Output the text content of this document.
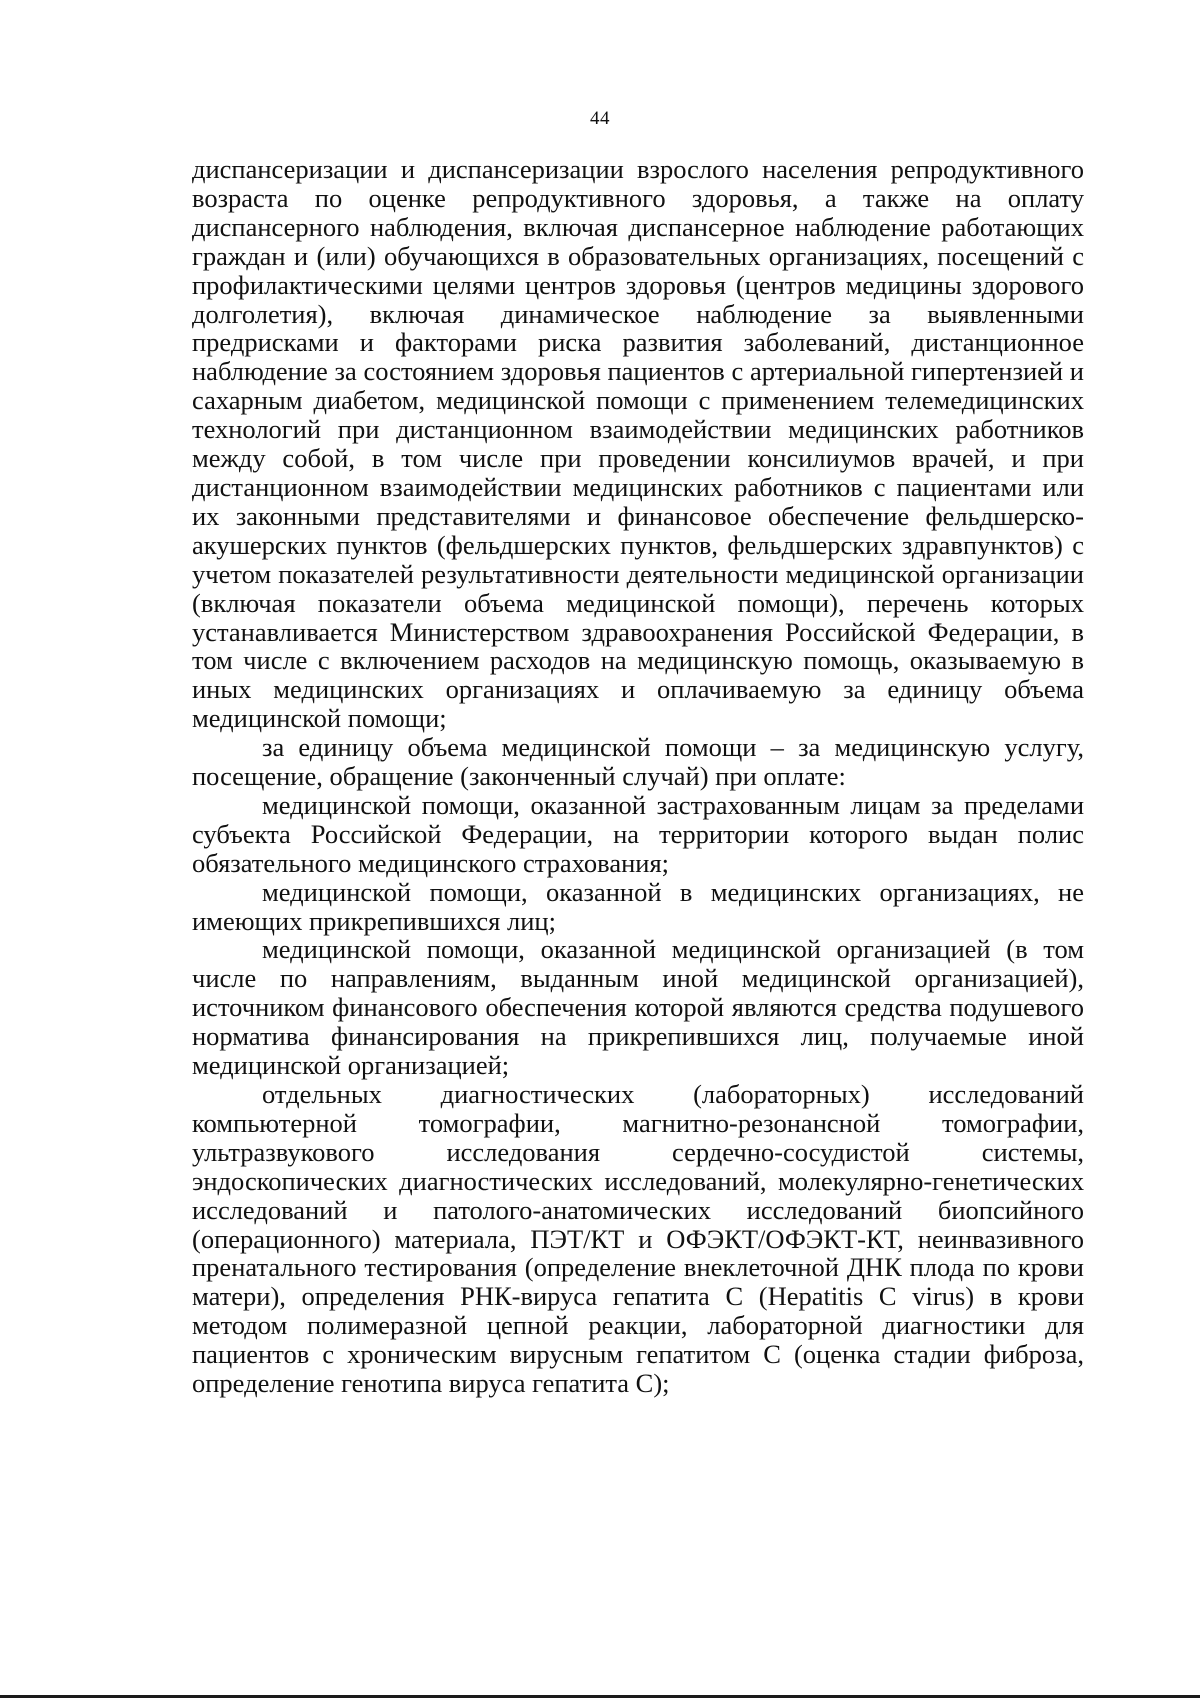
44

диспансеризации и диспансеризации взрослого населения репродуктивного возраста по оценке репродуктивного здоровья, а также на оплату диспансерного наблюдения, включая диспансерное наблюдение работающих граждан и (или) обучающихся в образовательных организациях, посещений с профилактическими целями центров здоровья (центров медицины здорового долголетия), включая динамическое наблюдение за выявленными предрисками и факторами риска развития заболеваний, дистанционное наблюдение за состоянием здоровья пациентов с артериальной гипертензией и сахарным диабетом, медицинской помощи с применением телемедицинских технологий при дистанционном взаимодействии медицинских работников между собой, в том числе при проведении консилиумов врачей, и при дистанционном взаимодействии медицинских работников с пациентами или их законными представителями и финансовое обеспечение фельдшерско-акушерских пунктов (фельдшерских пунктов, фельдшерских здравпунктов) с учетом показателей результативности деятельности медицинской организации (включая показатели объема медицинской помощи), перечень которых устанавливается Министерством здравоохранения Российской Федерации, в том числе с включением расходов на медицинскую помощь, оказываемую в иных медицинских организациях и оплачиваемую за единицу объема медицинской помощи;

за единицу объема медицинской помощи – за медицинскую услугу, посещение, обращение (законченный случай) при оплате:

медицинской помощи, оказанной застрахованным лицам за пределами субъекта Российской Федерации, на территории которого выдан полис обязательного медицинского страхования;

медицинской помощи, оказанной в медицинских организациях, не имеющих прикрепившихся лиц;

медицинской помощи, оказанной медицинской организацией (в том числе по направлениям, выданным иной медицинской организацией), источником финансового обеспечения которой являются средства подушевого норматива финансирования на прикрепившихся лиц, получаемые иной медицинской организацией;

отдельных диагностических (лабораторных) исследований компьютерной томографии, магнитно-резонансной томографии, ультразвукового исследования сердечно-сосудистой системы, эндоскопических диагностических исследований, молекулярно-генетических исследований и патолого-анатомических исследований биопсийного (операционного) материала, ПЭТ/КТ и ОФЭКТ/ОФЭКТ-КТ, неинвазивного пренатального тестирования (определение внеклеточной ДНК плода по крови матери), определения РНК-вируса гепатита С (Hepatitis C virus) в крови методом полимеразной цепной реакции, лабораторной диагностики для пациентов с хроническим вирусным гепатитом С (оценка стадии фиброза, определение генотипа вируса гепатита С);
